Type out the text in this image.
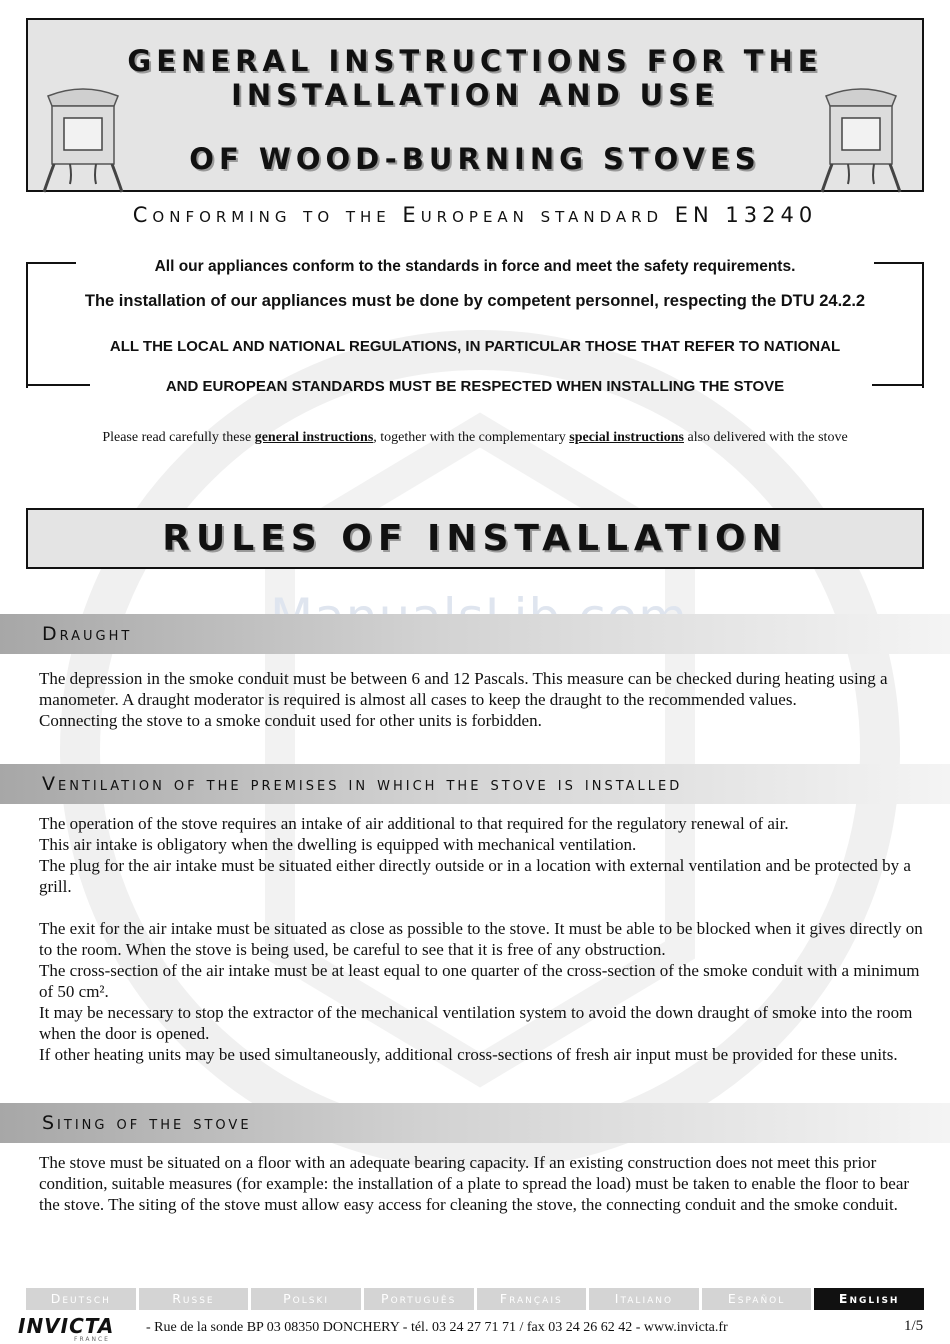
GENERAL INSTRUCTIONS FOR THE
INSTALLATION AND USE
OF WOOD-BURNING STOVES
Conforming to the European standard EN 13240
All our appliances conform to the standards in force and meet the safety requirements.
The installation of our appliances must be done by competent personnel, respecting the DTU 24.2.2
ALL THE LOCAL AND NATIONAL REGULATIONS, IN PARTICULAR THOSE THAT REFER TO NATIONAL
AND EUROPEAN STANDARDS MUST BE RESPECTED WHEN INSTALLING THE STOVE
Please read carefully these general instructions, together with the complementary special instructions also delivered with the stove
RULES OF INSTALLATION
Draught

The depression in the smoke conduit must be between 6 and 12 Pascals. This measure can be checked during heating using a manometer. A draught moderator is required is almost all cases to keep the draught to the recommended values.

Connecting the stove to a smoke conduit used for other units is forbidden.

Ventilation of the premises in which the stove is installed

The operation of the stove requires an intake of air additional to that required for the regulatory renewal of air.

This air intake is obligatory when the dwelling is equipped with mechanical ventilation.

The plug for the air intake must be situated either directly outside or in a location with external ventilation and be protected by a grill.

The exit for the air intake must be situated as close as possible to the stove. It must be able to be blocked when it gives directly on to the room. When the stove is being used, be careful to see that it is free of any obstruction.

The cross-section of the air intake must be at least equal to one quarter of the cross-section of the smoke conduit with a minimum of 50 cm².

It may be necessary to stop the extractor of the mechanical ventilation system to avoid the down draught of smoke into the room when the door is opened.

If other heating units may be used simultaneously, additional cross-sections of fresh air input must be provided for these units.

Siting of the stove

The stove must be situated on a floor with an adequate bearing capacity. If an existing construction does not meet this prior condition, suitable measures (for example: the installation of a plate to spread the load) must be taken to enable the floor to bear the stove. The siting of the stove must allow easy access for cleaning the stove, the connecting conduit and the smoke conduit.

Deutsch	Russe	Polski	Português	Français	Italiano	Español	English
INVICTA
FRANCE
- Rue de la sonde BP 03 08350 DONCHERY - tél. 03 24 27 71 71 / fax 03 24 26 62 42 - www.invicta.fr	1/5
